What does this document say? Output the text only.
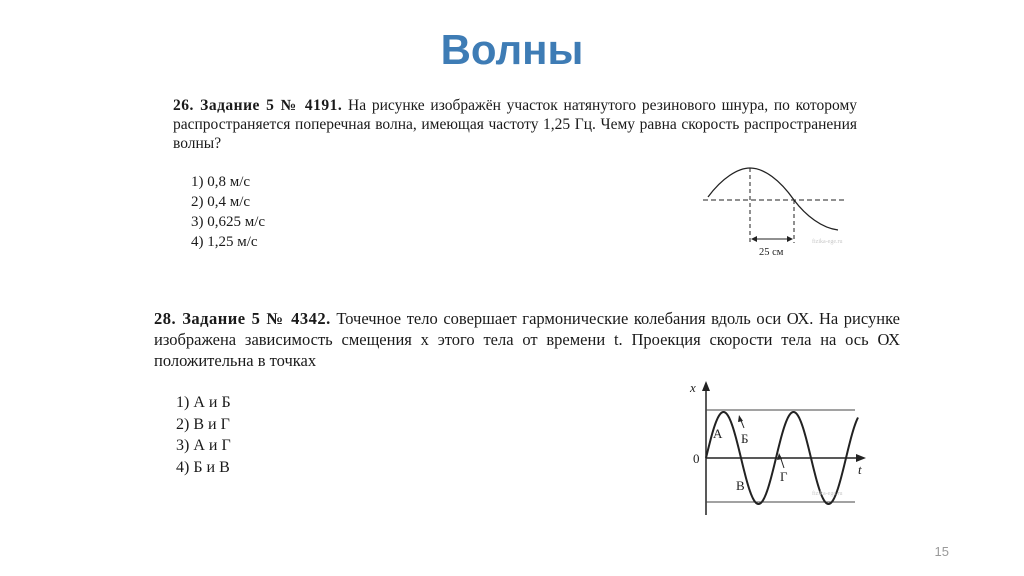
Волны
26. Задание 5 № 4191. На рисунке изображён участок натянутого резинового шнура, по которому распространяется поперечная волна, имеющая частоту 1,25 Гц. Чему равна скорость распространения волны?
1) 0,8 м/с
2) 0,4 м/с
3) 0,625 м/с
4) 1,25 м/с
25 см
fizika-ege.ru
28. Задание 5 № 4342. Точечное тело совершает гармонические колебания вдоль оси ОХ. На рисунке изображена зависимость смещения x этого тела от времени t. Проекция скорости тела на ось ОХ положительна в точках
1) А и Б
2) В и Г
3) А и Г
4) Б и В
x
t
0
А Б
В
Г
fizika-ege.ru
15
